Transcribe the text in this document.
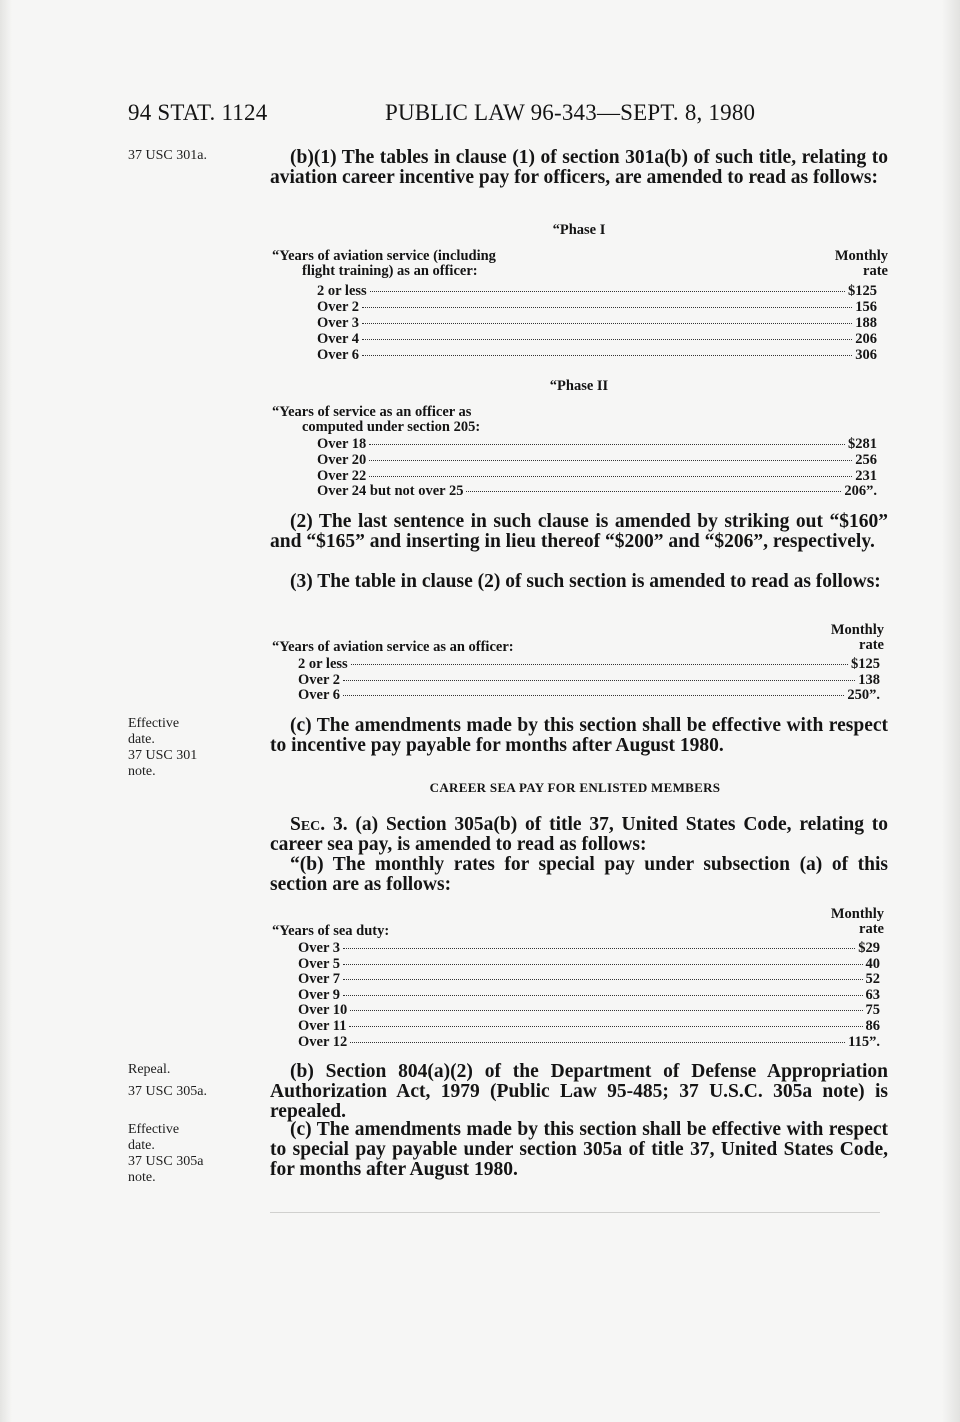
94 STAT. 1124	PUBLIC LAW 96-343—SEPT. 8, 1980
37 USC 301a.
Effective
date.
37 USC 301
note.
Repeal.
37 USC 305a.
Effective
date.
37 USC 305a
note.
(b)(1) The tables in clause (1) of section 301a(b) of such title, relating to aviation career incentive pay for officers, are amended to read as follows:
“Phase I
“Years of aviation service (including
flight training) as an officer:
Monthly
rate
2 or less	$125
Over 2	156
Over 3	188
Over 4	206
Over 6	306
“Phase II
“Years of service as an officer as
computed under section 205:
Over 18	$281
Over 20	256
Over 22	231
Over 24 but not over 25	206”.
(2) The last sentence in such clause is amended by striking out “$160” and “$165” and inserting in lieu thereof “$200” and “$206”, respectively.
(3) The table in clause (2) of such section is amended to read as follows:
Monthly
rate
“Years of aviation service as an officer:
2 or less	$125
Over 2	138
Over 6	250”.
(c) The amendments made by this section shall be effective with respect to incentive pay payable for months after August 1980.
CAREER SEA PAY FOR ENLISTED MEMBERS
Sec. 3. (a) Section 305a(b) of title 37, United States Code, relating to career sea pay, is amended to read as follows:
“(b) The monthly rates for special pay under subsection (a) of this section are as follows:
Monthly
rate
“Years of sea duty:
Over 3	$29
Over 5	40
Over 7	52
Over 9	63
Over 10	75
Over 11	86
Over 12	115”.
(b) Section 804(a)(2) of the Department of Defense Appropriation Authorization Act, 1979 (Public Law 95-485; 37 U.S.C. 305a note) is repealed.
(c) The amendments made by this section shall be effective with respect to special pay payable under section 305a of title 37, United States Code, for months after August 1980.
